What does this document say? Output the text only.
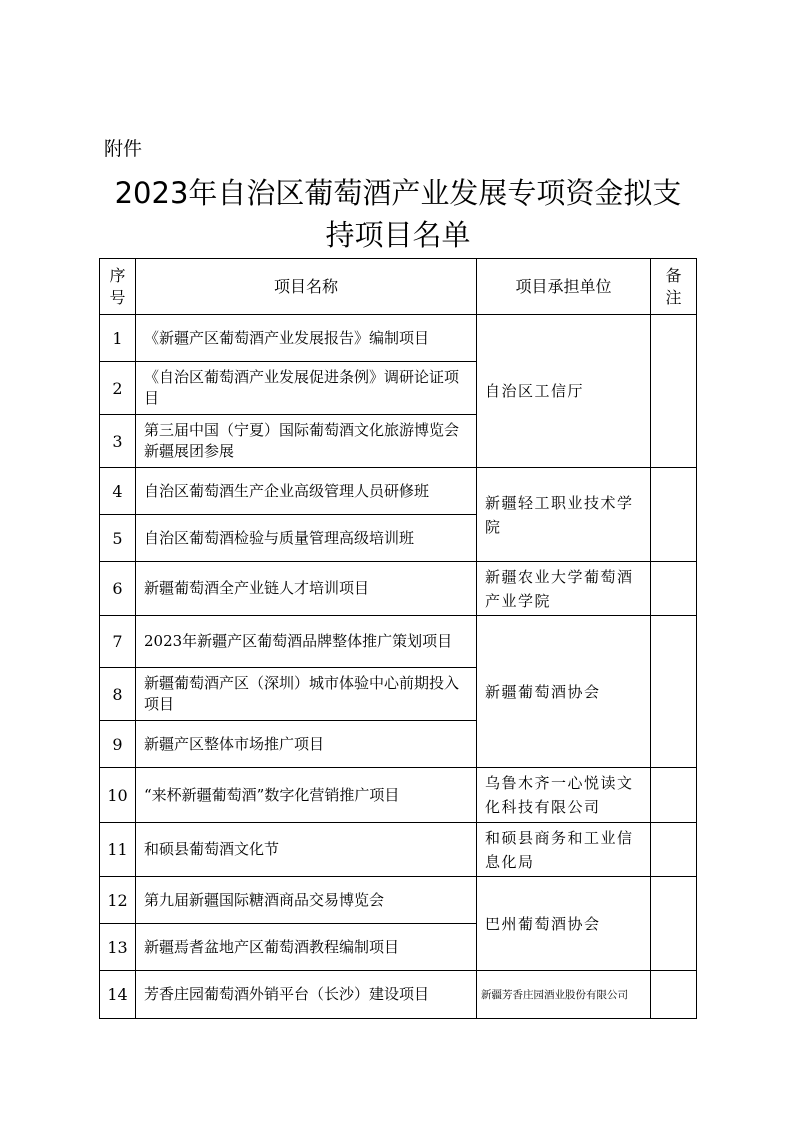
附件
2023年自治区葡萄酒产业发展专项资金拟支
持项目名单
序号	项目名称	项目承担单位	备注

1	《新疆产区葡萄酒产业发展报告》编制项目	自治区工信厅	
2	《自治区葡萄酒产业发展促进条例》调研论证项目		
3	第三届中国（宁夏）国际葡萄酒文化旅游博览会新疆展团参展		
4	自治区葡萄酒生产企业高级管理人员研修班	新疆轻工职业技术学院	
5	自治区葡萄酒检验与质量管理高级培训班		
6	新疆葡萄酒全产业链人才培训项目	新疆农业大学葡萄酒产业学院	
7	2023年新疆产区葡萄酒品牌整体推广策划项目	新疆葡萄酒协会	
8	新疆葡萄酒产区（深圳）城市体验中心前期投入项目		
9	新疆产区整体市场推广项目		
10	“来杯新疆葡萄酒”数字化营销推广项目	乌鲁木齐一心悦读文化科技有限公司	
11	和硕县葡萄酒文化节	和硕县商务和工业信息化局	
12	第九届新疆国际糖酒商品交易博览会	巴州葡萄酒协会	
13	新疆焉耆盆地产区葡萄酒教程编制项目		
14	芳香庄园葡萄酒外销平台（长沙）建设项目	新疆芳香庄园酒业股份有限公司	
